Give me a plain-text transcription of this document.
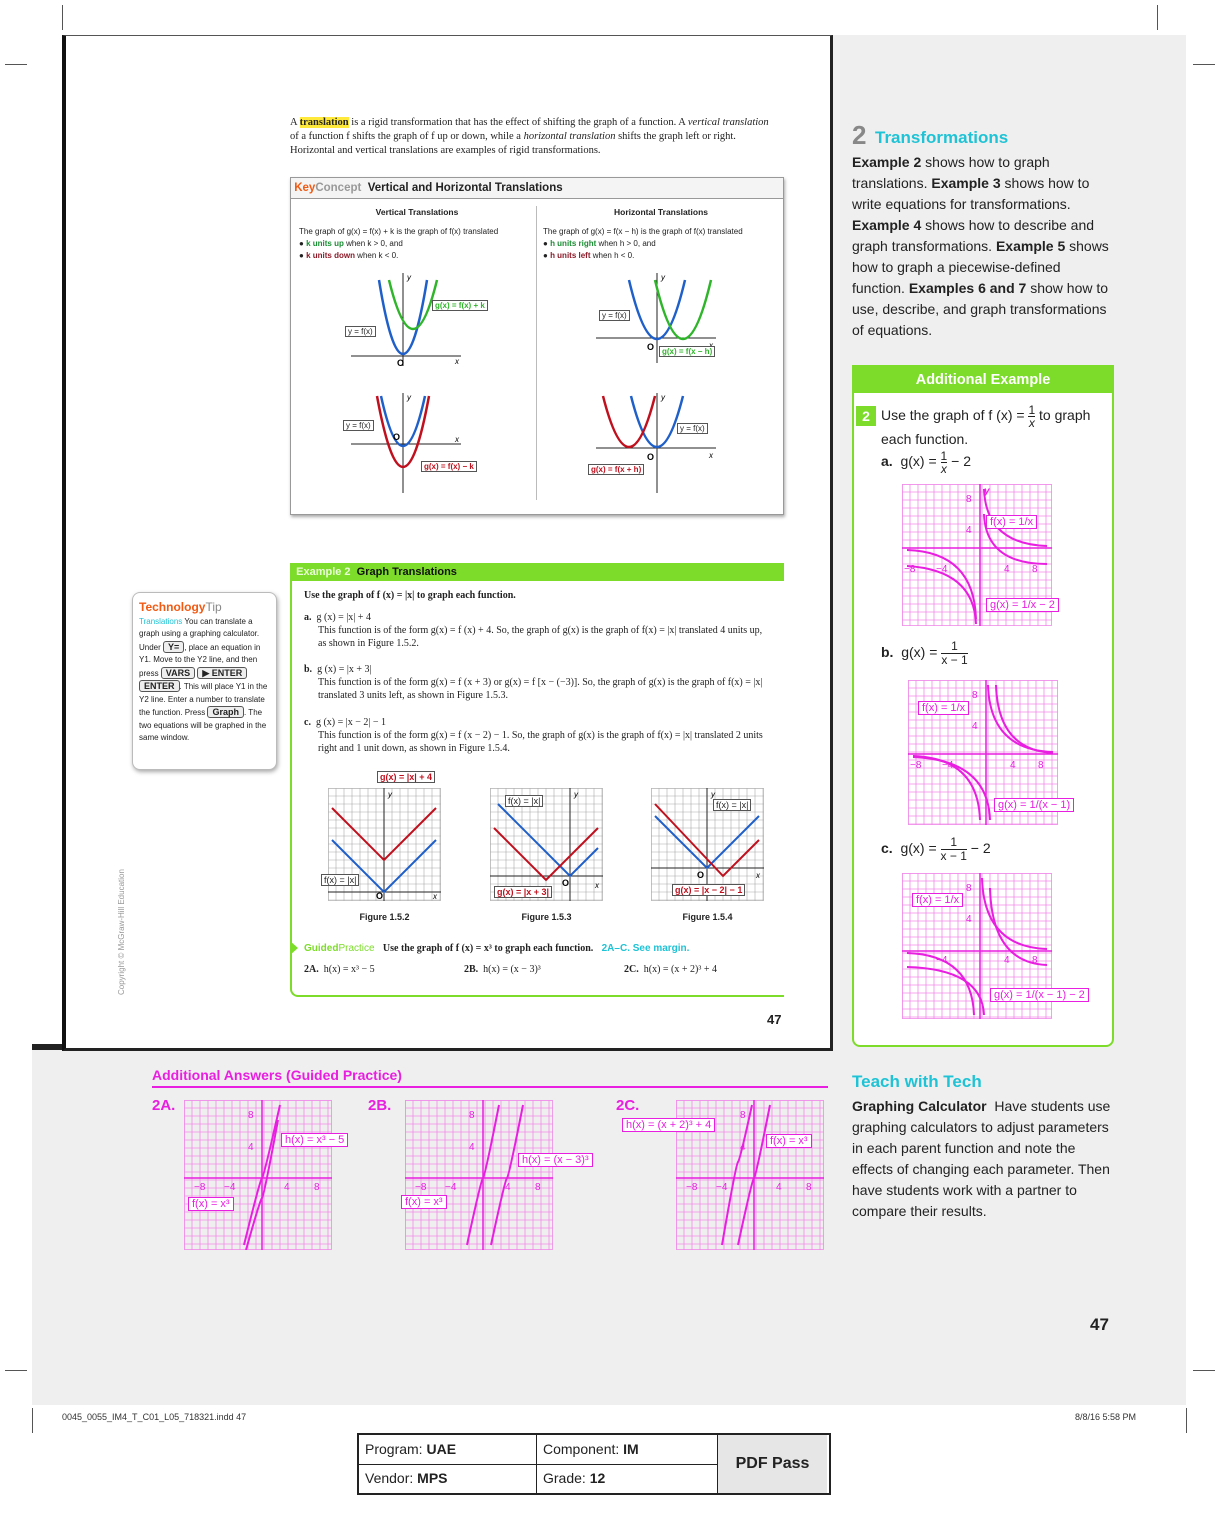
A translation is a rigid transformation that has the effect of shifting the graph of a function. A vertical translation of a function f shifts the graph of f up or down, while a horizontal translation shifts the graph left or right. Horizontal and vertical translations are examples of rigid transformations.
KeyConcept Vertical and Horizontal Translations
Vertical Translations
The graph of g(x) = f(x) + k is the graph of f(x) translated
● k units up when k > 0, and
● k units down when k < 0.
Horizontal Translations
The graph of g(x) = f(x − h) is the graph of f(x) translated
● h units right when h > 0, and
● h units left when h < 0.
O	x
y
g(x) = f(x) + k
y = f(x)
O	x
y
y = f(x)
g(x) = f(x) − k
O
y
y = f(x)
g(x) = f(x − h)
O	x
y
y = f(x)
g(x) = f(x + h)
Example 2 Graph Translations
Use the graph of f (x) = |x| to graph each function.
a. g (x) = |x| + 4
This function is of the form g(x) = f (x) + 4. So, the graph of g(x) is the graph of f(x) = |x| translated 4 units up, as shown in Figure 1.5.2.
b. g (x) = |x + 3|
This function is of the form g(x) = f (x + 3) or g(x) = f [x − (−3)]. So, the graph of g(x) is the graph of f(x) = |x| translated 3 units left, as shown in Figure 1.5.3.
c. g (x) = |x − 2| − 1
This function is of the form g(x) = f (x − 2) − 1. So, the graph of g(x) is the graph of f(x) = |x| translated 2 units right and 1 unit down, as shown in Figure 1.5.4.
O
y
x
g(x) = |x| + 4
f(x) = |x|
Figure 1.5.2
O
y
x
f(x) = |x|
g(x) = |x + 3|
Figure 1.5.3
O
y
x
f(x) = |x|
g(x) = |x − 2| − 1
Figure 1.5.4
GuidedPractice Use the graph of f (x) = x³ to graph each function. 2A–C. See margin.
2A. h(x) = x³ − 5	2B. h(x) = (x − 3)³	2C. h(x) = (x + 2)³ + 4
47
Copyright © McGraw-Hill Education
TechnologyTip
Translations You can translate a graph using a graphing calculator. Under Y= , place an equation in Y1. Move to the Y2 line, and then press VARS ▶ ENTER ENTER . This will place Y1 in the Y2 line. Enter a number to translate the function. Press Graph . The two equations will be graphed in the same window.
2 Transformations
Example 2 shows how to graph translations. Example 3 shows how to write equations for transformations. Example 4 shows how to describe and graph transformations. Example 5 shows how to graph a piecewise-defined function. Examples 6 and 7 show how to use, describe, and graph transformations of equations.
Additional Example
2 Use the graph of f $(x) = \frac{1}{x}$ to graph each function.
a. $g(x) = \frac{1}{x} - 2$
8
4
−8 −4	4 8
y
f(x) = 1/x
g(x) = 1/x − 2
b. $g(x) = \frac{1}{x - 1}$
8
4
−8 −4	4 8
f(x) = 1/x
g(x) = 1/(x − 1)
c. $g(x) = \frac{1}{x - 1} - 2$
8
4
−4	4 8
f(x) = 1/x
g(x) = 1/(x − 1) − 2
Teach with Tech
Graphing Calculator Have students use graphing calculators to adjust parameters in each parent function and note the effects of changing each parameter. Then have students work with a partner to compare their results.
47
Additional Answers (Guided Practice)
2A.
8
4
−8 −4	4 8
h(x) = x³ − 5
f(x) = x³
2B.
8
4
−8 −4	4 8
h(x) = (x − 3)³
f(x) = x³
2C.
8
4
−8 −4	4 8
h(x) = (x + 2)³ + 4
f(x) = x³
0045_0055_IM4_T_C01_L05_718321.indd 47	8/8/16 5:58 PM
Program: UAE	Component: IM
Vendor: MPS	Grade: 12
PDF Pass
